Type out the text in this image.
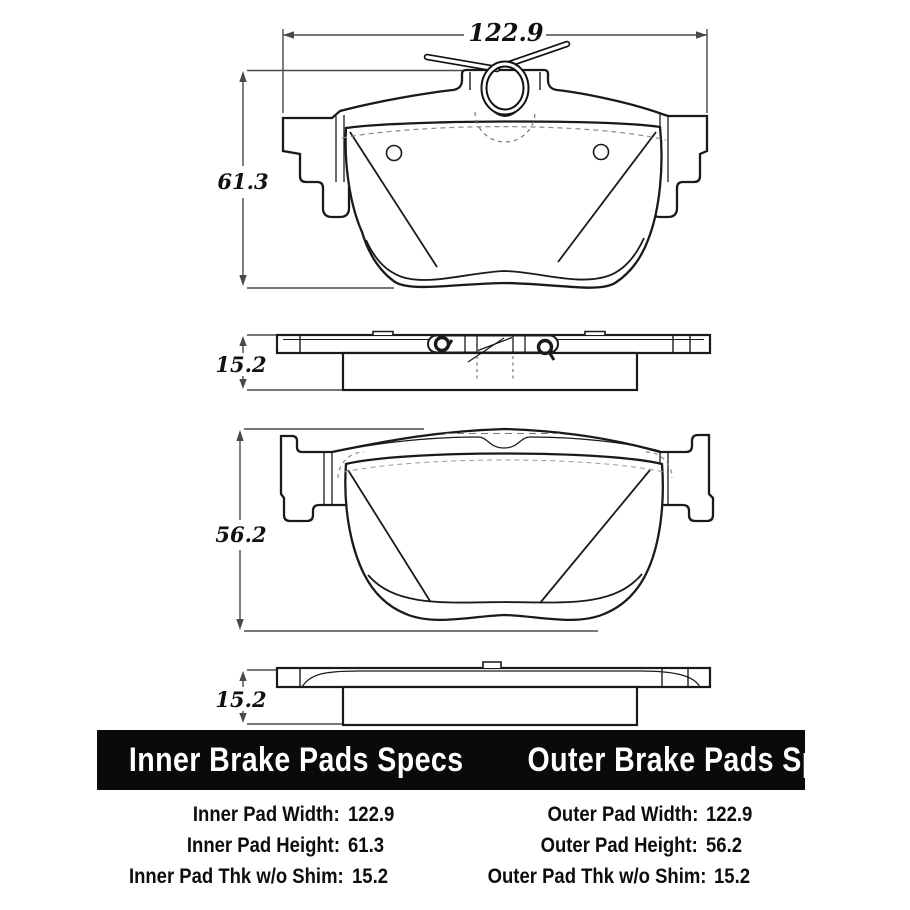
122.9
61.3
15.2
56.2
15.2
Inner Brake Pads Specs	Outer Brake Pads Specs
Inner Pad Width: 122.9
Inner Pad Height: 61.3
Inner Pad Thk w/o Shim: 15.2
Outer Pad Width: 122.9
Outer Pad Height: 56.2
Outer Pad Thk w/o Shim: 15.2
